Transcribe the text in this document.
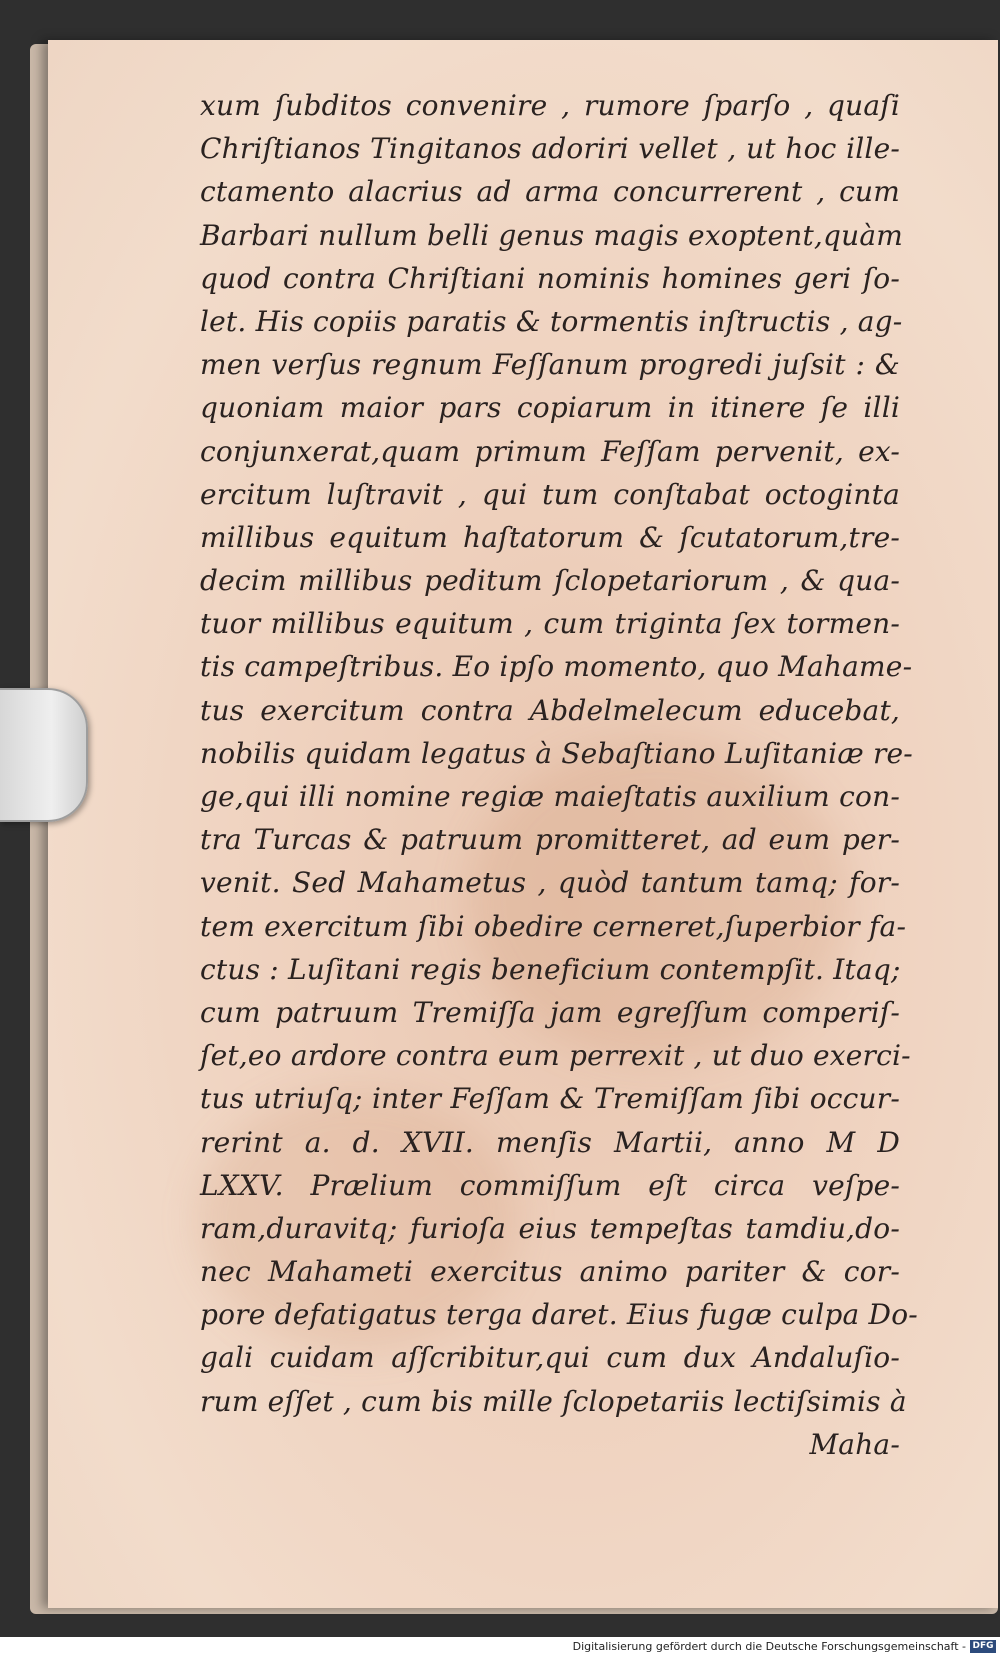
xum ſubditos convenire , rumore ſparſo , quaſi
Chriſtianos Tingitanos adoriri vellet , ut hoc ille-
ctamento alacrius ad arma concurrerent , cum
Barbari nullum belli genus magis exoptent,quàm
quod contra Chriſtiani nominis homines geri ſo-
let. His copiis paratis & tormentis inſtructis , ag-
men verſus regnum Feſſanum progredi juſsit : &
quoniam maior pars copiarum in itinere ſe illi
conjunxerat,quam primum Feſſam pervenit, ex-
ercitum luſtravit , qui tum conſtabat octoginta
millibus equitum haſtatorum & ſcutatorum,tre-
decim millibus peditum ſclopetariorum , & qua-
tuor millibus equitum , cum triginta ſex tormen-
tis campeſtribus. Eo ipſo momento, quo Mahame-
tus exercitum contra Abdelmelecum educebat,
nobilis quidam legatus à Sebaſtiano Luſitaniæ re-
ge,qui illi nomine regiæ maieſtatis auxilium con-
tra Turcas & patruum promitteret, ad eum per-
venit. Sed Mahametus , quòd tantum tamq; for-
tem exercitum ſibi obedire cerneret,ſuperbior fa-
ctus : Luſitani regis beneficium contempſit. Itaq;
cum patruum Tremiſſa jam egreſſum comperiſ-
ſet,eo ardore contra eum perrexit , ut duo exerci-
tus utriuſq; inter Feſſam & Tremiſſam ſibi occur-
rerint a. d. XVII. menſis Martii, anno M D
LXXV. Prælium commiſſum eſt circa veſpe-
ram,duravitq; furioſa eius tempeſtas tamdiu,do-
nec Mahameti exercitus animo pariter & cor-
pore defatigatus terga daret. Eius fugæ culpa Do-
gali cuidam aſſcribitur,qui cum dux Andaluſio-
rum eſſet , cum bis mille ſclopetariis lectiſsimis à
Maha-
Digitalisierung gefördert durch die Deutsche Forschungsgemeinschaft - DFG
